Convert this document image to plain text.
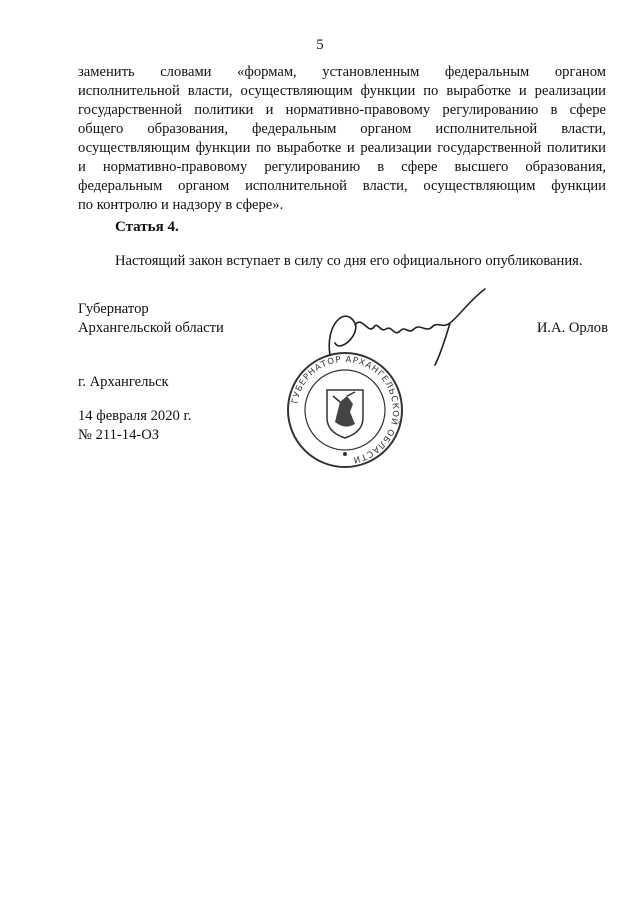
5
заменить словами «формам, установленным федеральным органом
исполнительной власти, осуществляющим функции по выработке и реализации
государственной политики и нормативно-правовому регулированию в сфере
общего образования, федеральным органом исполнительной власти,
осуществляющим функции по выработке и реализации государственной политики
и нормативно-правовому регулированию в сфере высшего образования,
федеральным органом исполнительной власти, осуществляющим функции
по контролю и надзору в сфере».
Статья 4.
Настоящий закон вступает в силу со дня его официального опубликования.
Губернатор
Архангельской области	И.А. Орлов
г. Архангельск
14 февраля 2020 г.
№ 211-14-ОЗ
ГУБЕРНАТОР АРХАНГЕЛЬСКОЙ ОБЛАСТИ
